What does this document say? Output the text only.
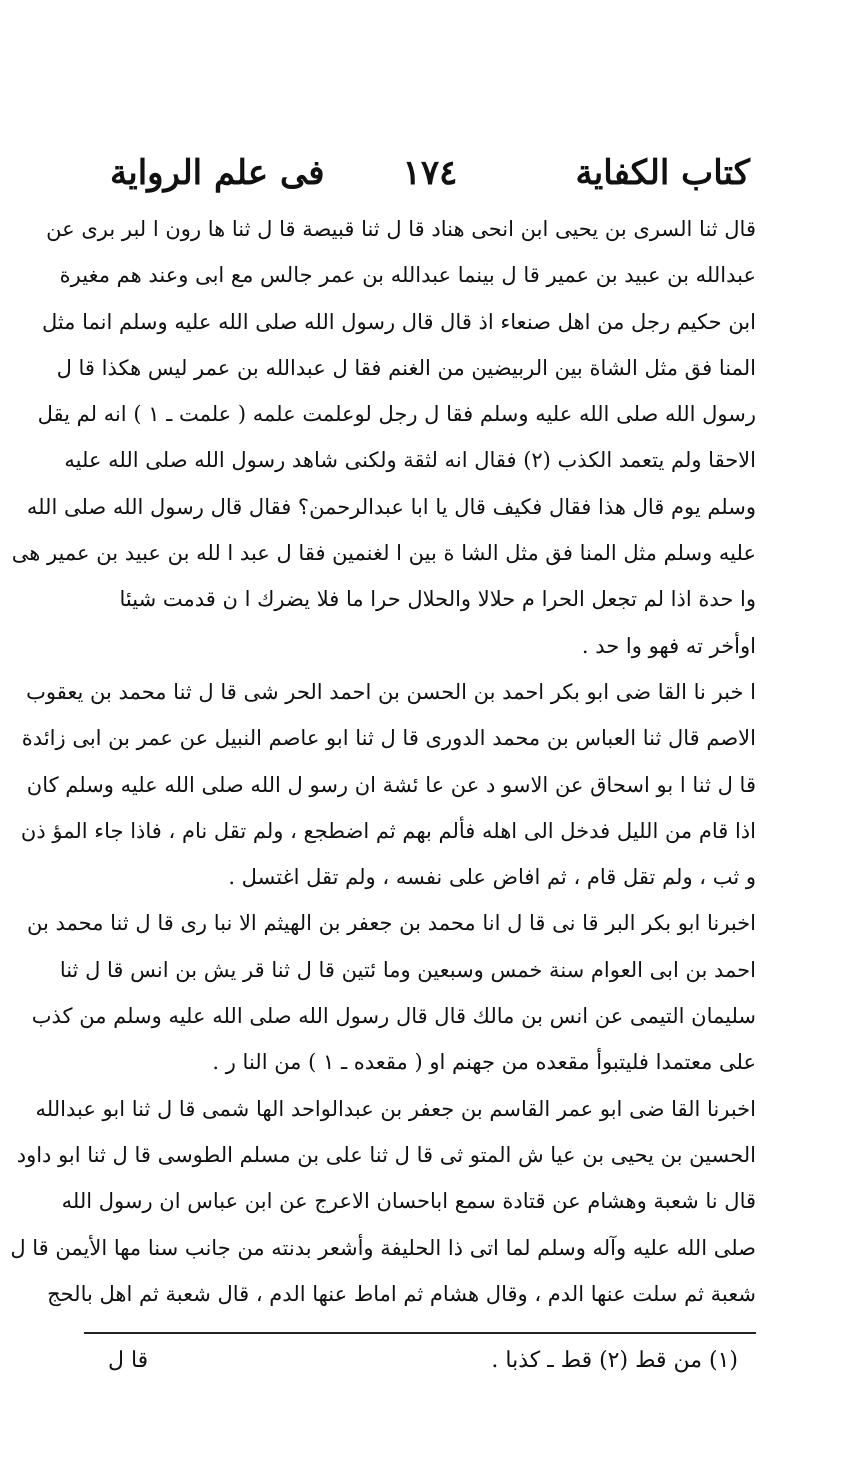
كتاب الكفاية
١٧٤
فى علم الرواية
قال ثنا السرى بن يحيى ابن انحى هناد قا ل ثنا قبيصة قا ل ثنا ها رون ا لبر برى عن
عبدالله بن عبيد بن عمير قا ل بينما عبدالله بن عمر جالس مع ابى وعند هم مغيرة
ابن حكيم رجل من اهل صنعاء اذ قال قال رسول الله صلى الله عليه وسلم انما مثل
المنا فق مثل الشاة بين الربيضين من الغنم فقا ل عبدالله بن عمر ليس هكذا قا ل
رسول الله صلى الله عليه وسلم فقا ل رجل لوعلمت علمه ( علمت ـ ١ ) انه لم يقل
الاحقا ولم يتعمد الكذب (٢) فقال انه لثقة ولكنى شاهد رسول الله صلى الله عليه
وسلم يوم قال هذا فقال فكيف قال يا ابا عبدالرحمن؟ فقال قال رسول الله صلى الله
عليه وسلم مثل المنا فق مثل الشا ة بين ا لغنمين فقا ل عبد ا لله بن عبيد بن عمير هى
وا حدة اذا لم تجعل الحرا م حلالا والحلال حرا ما فلا يضرك ا ن قدمت شيئا
اوأخر ته فهو وا حد .
ا خبر نا القا ضى ابو بكر احمد بن الحسن بن احمد الحر شى قا ل ثنا محمد بن يعقوب
الاصم قال ثنا العباس بن محمد الدورى قا ل ثنا ابو عاصم النبيل عن عمر بن ابى زائدة
قا ل ثنا ا بو اسحاق عن الاسو د عن عا ئشة ان رسو ل الله صلى الله عليه وسلم كان
اذا قام من الليل فدخل الى اهله فألم بهم ثم اضطجع ، ولم تقل نام ، فاذا جاء المؤ ذن
و ثب ، ولم تقل قام ، ثم افاض على نفسه ، ولم تقل اغتسل .
اخبرنا ابو بكر البر قا نى قا ل انا محمد بن جعفر بن الهيثم الا نبا رى قا ل ثنا محمد بن
احمد بن ابى العوام سنة خمس وسبعين وما ئتين قا ل ثنا قر يش بن انس قا ل ثنا
سليمان التيمى عن انس بن مالك قال قال رسول الله صلى الله عليه وسلم من كذب
على معتمدا فليتبوأ مقعده من جهنم او ( مقعده ـ ١ ) من النا ر .
اخبرنا القا ضى ابو عمر القاسم بن جعفر بن عبدالواحد الها شمى قا ل ثنا ابو عبدالله
الحسين بن يحيى بن عيا ش المتو ثى قا ل ثنا على بن مسلم الطوسى قا ل ثنا ابو داود
قال نا شعبة وهشام عن قتادة سمع اباحسان الاعرج عن ابن عباس ان رسول الله
صلى الله عليه وآله وسلم لما اتى ذا الحليفة وأشعر بدنته من جانب سنا مها الأيمن قا ل
شعبة ثم سلت عنها الدم ، وقال هشام ثم اماط عنها الدم ، قال شعبة ثم اهل بالحج
(١) من قط (٢) قط ـ كذبا .
قا ل
